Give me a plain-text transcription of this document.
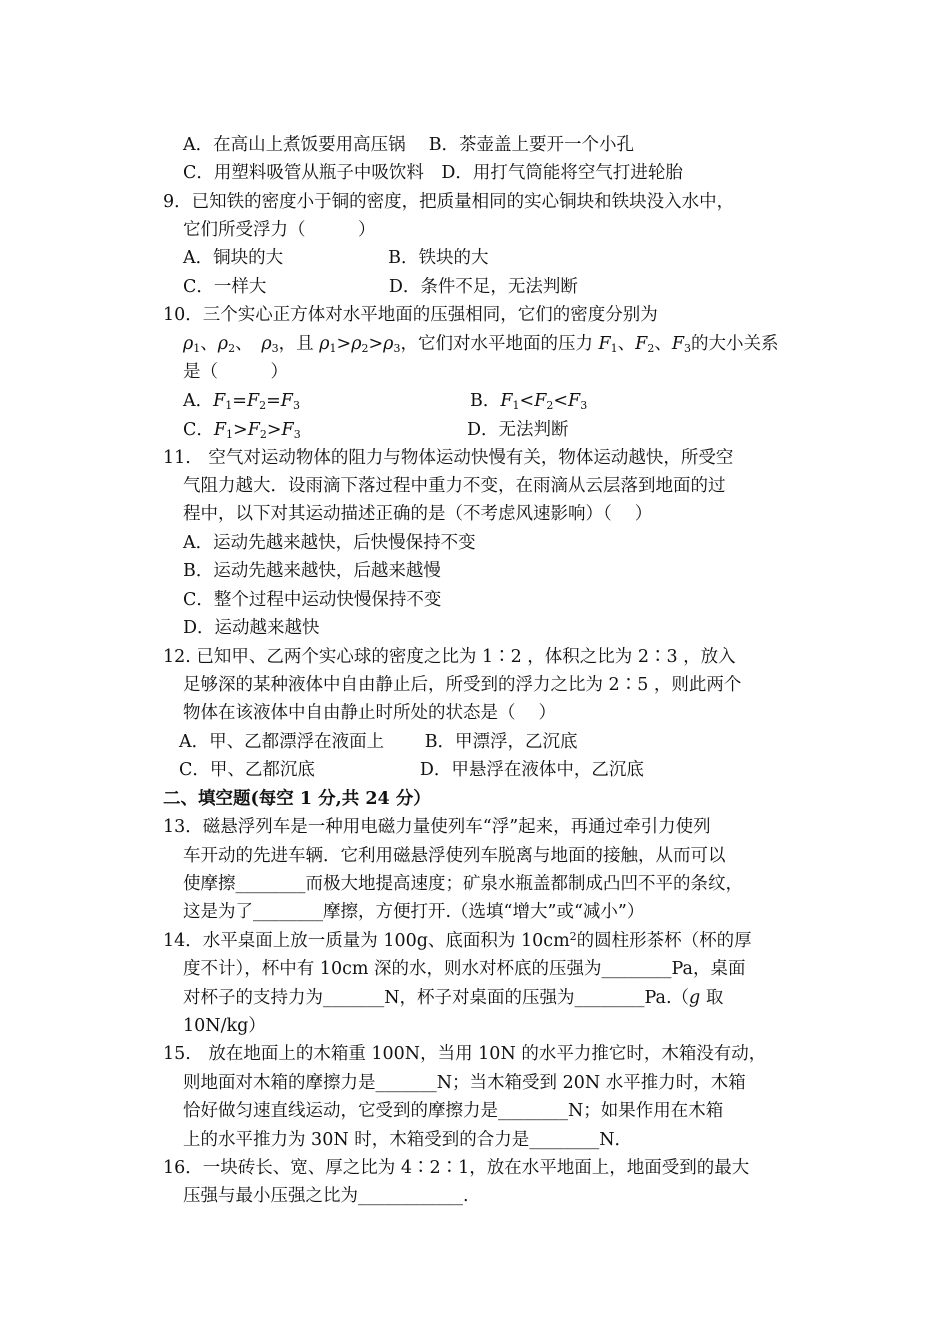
A．在高山上煮饭要用高压锅　 B．茶壶盖上要开一个小孔
C．用塑料吸管从瓶子中吸饮料　D．用打气筒能将空气打进轮胎
9．已知铁的密度小于铜的密度，把质量相同的实心铜块和铁块没入水中，
它们所受浮力（　　　）
A．铜块的大　　　　　　B．铁块的大
C．一样大　　　　　　　D．条件不足，无法判断
10．三个实心正方体对水平地面的压强相同，它们的密度分别为
$\rho_1$、$\rho_2$、　$\rho_3$，且 $\rho_1>\rho_2>\rho_3$，它们对水平地面的压力 $F_1$、$F_2$、$F_3$的大小关系
是（　　　）
A．$F_1=F_2=F_3$	B．$F_1<F_2<F_3$
C．$F_1>F_2>F_3$	D．无法判断
11.　空气对运动物体的阻力与物体运动快慢有关，物体运动越快，所受空
气阻力越大．设雨滴下落过程中重力不变，在雨滴从云层落到地面的过
程中，以下对其运动描述正确的是（不考虑风速影响）（　 ）
A．运动先越来越快，后快慢保持不变
B．运动先越来越快，后越来越慢
C．整个过程中运动快慢保持不变
D．运动越来越快
12. 已知甲、乙两个实心球的密度之比为 1∶2 ，体积之比为 2∶3 ，放入
足够深的某种液体中自由静止后，所受到的浮力之比为 2∶5 ，则此两个
物体在该液体中自由静止时所处的状态是（　 ）
A．甲、乙都漂浮在液面上　　 B．甲漂浮，乙沉底
C．甲、乙都沉底　　　　　　D．甲悬浮在液体中，乙沉底
二、填空题(每空 1 分,共 24 分）
13．磁悬浮列车是一种用电磁力量使列车“浮”起来，再通过牵引力使列
车开动的先进车辆．它利用磁悬浮使列车脱离与地面的接触，从而可以
使摩擦________而极大地提高速度；矿泉水瓶盖都制成凸凹不平的条纹，
这是为了________摩擦，方便打开.（选填“增大”或“减小”）
14．水平桌面上放一质量为 100g、底面积为 $10cm^2$的圆柱形茶杯（杯的厚
度不计），杯中有 10cm 深的水，则水对杯底的压强为________Pa，桌面
对杯子的支持力为_______N，杯子对桌面的压强为________Pa.（g 取
10N/kg）
15.　放在地面上的木箱重 100N，当用 10N 的水平力推它时，木箱没有动，
则地面对木箱的摩擦力是_______N；当木箱受到 20N 水平推力时，木箱
恰好做匀速直线运动，它受到的摩擦力是________N；如果作用在木箱
上的水平推力为 30N 时，木箱受到的合力是________N．
16．一块砖长、宽、厚之比为 4∶2∶1，放在水平地面上，地面受到的最大
压强与最小压强之比为____________.
